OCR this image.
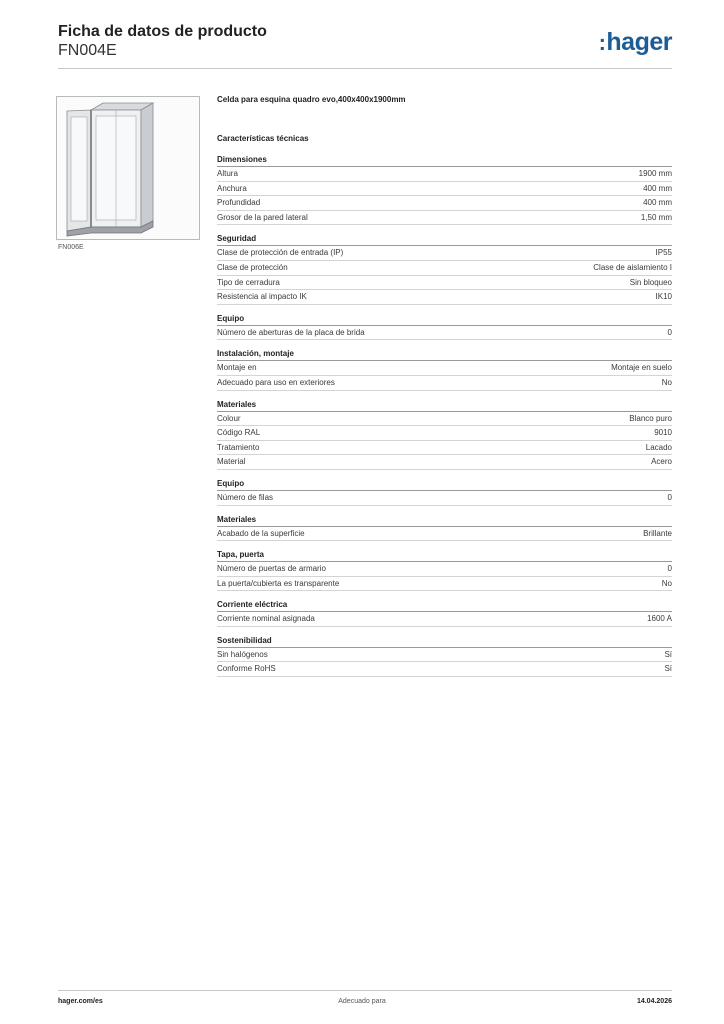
Ficha de datos de producto
FN004E	:hager
FN006E
Celda para esquina quadro evo,400x400x1900mm
Características técnicas
Dimensiones
Altura	1900 mm
Anchura	400 mm
Profundidad	400 mm
Grosor de la pared lateral	1,50 mm
Seguridad
Clase de protección de entrada (IP)	IP55
Clase de protección	Clase de aislamiento I
Tipo de cerradura	Sin bloqueo
Resistencia al impacto IK	IK10
Equipo
Número de aberturas de la placa de brida	0
Instalación, montaje
Montaje en	Montaje en suelo
Adecuado para uso en exteriores	No
Materiales
Colour	Blanco puro
Código RAL	9010
Tratamiento	Lacado
Material	Acero
Equipo
Número de filas	0
Materiales
Acabado de la superficie	Brillante
Tapa, puerta
Número de puertas de armario	0
La puerta/cubierta es transparente	No
Corriente eléctrica
Corriente nominal asignada	1600 A
Sostenibilidad
Sin halógenos	Sí
Conforme RoHS	Sí
hager.com/es	Adecuado para	14.04.2026
